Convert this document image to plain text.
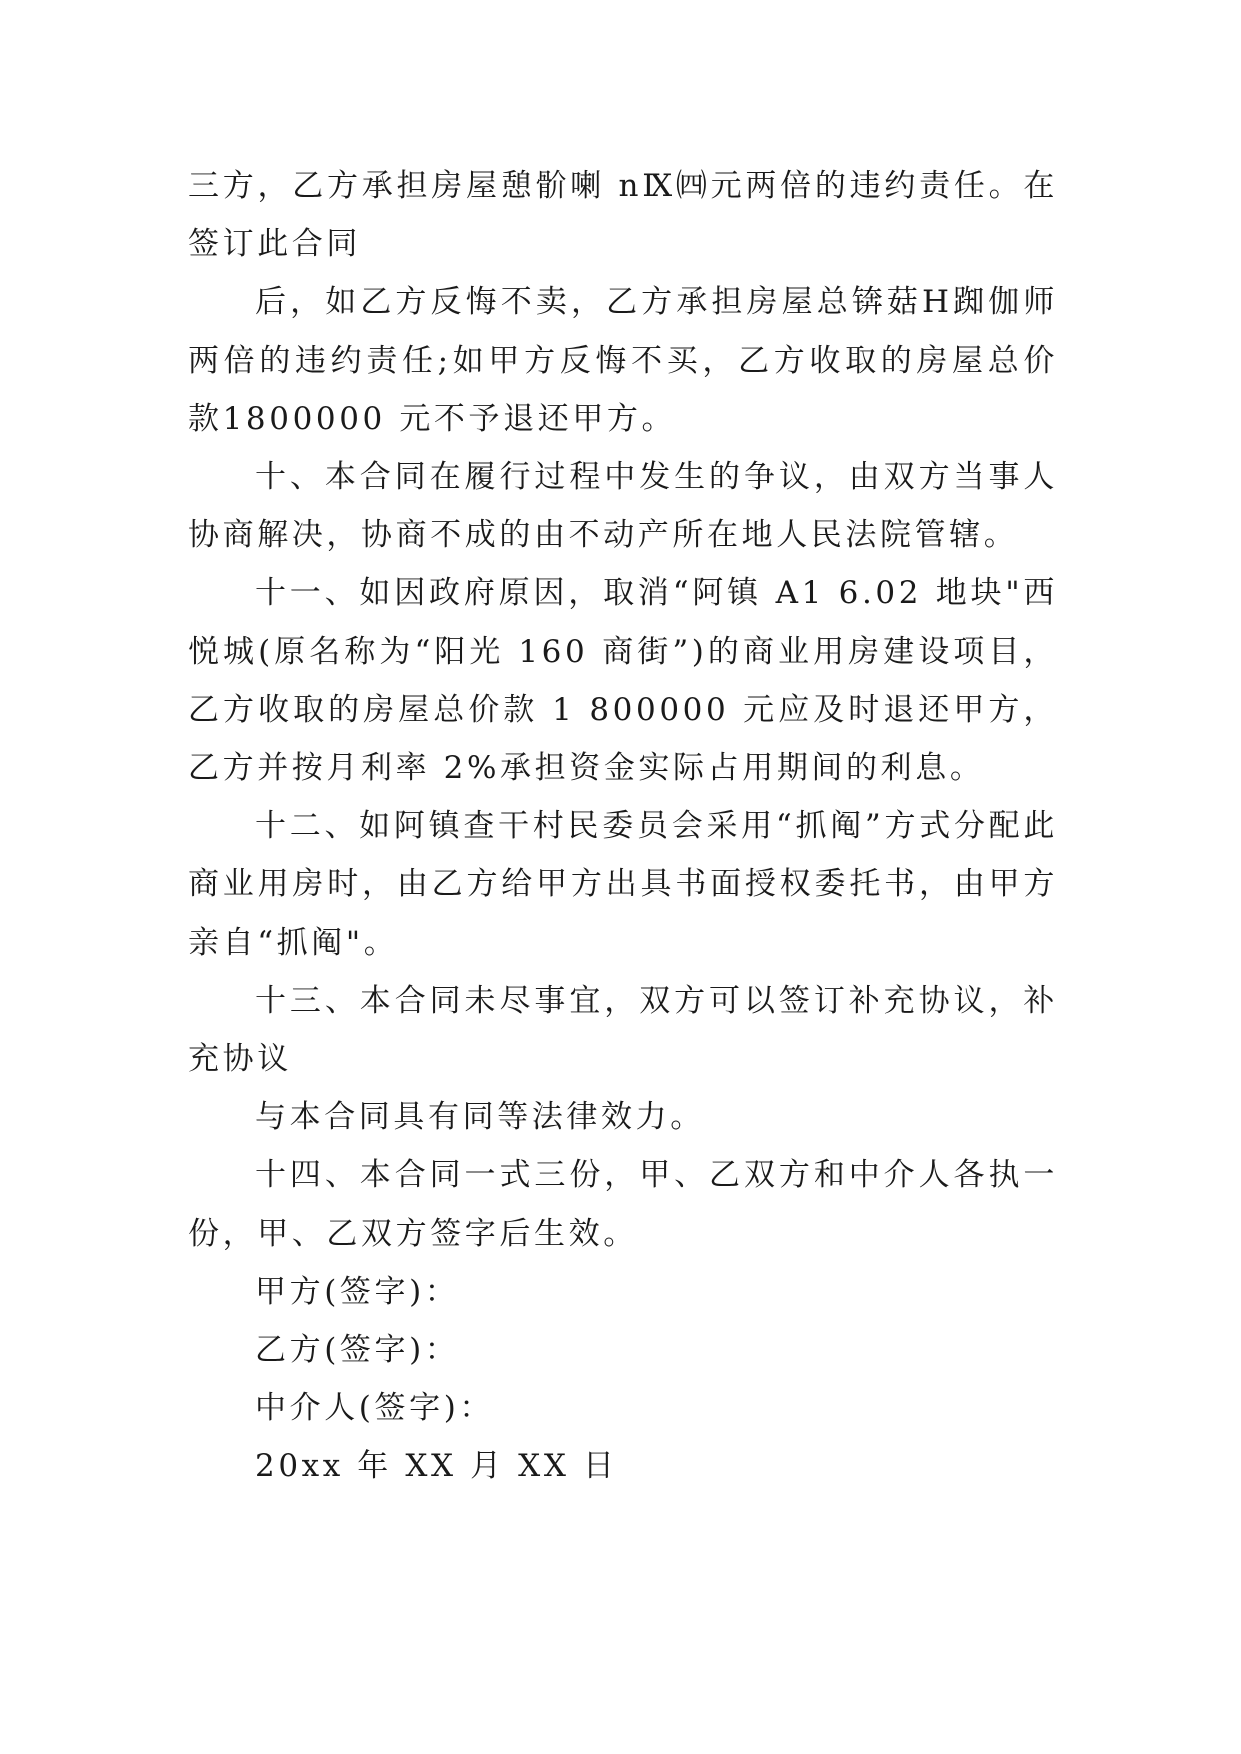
三方，乙方承担房屋憩骱喇 nⅨ㈣元两倍的违约责任。在签订此合同

后，如乙方反悔不卖，乙方承担房屋总锛菇H踟伽师两倍的违约责任;如甲方反悔不买，乙方收取的房屋总价款1800000 元不予退还甲方。

十、本合同在履行过程中发生的争议，由双方当事人协商解决，协商不成的由不动产所在地人民法院管辖。

十一、如因政府原因，取消“阿镇 A1 6.02 地块"西悦城(原名称为“阳光 160 商街”)的商业用房建设项目，乙方收取的房屋总价款 1 800000 元应及时退还甲方，乙方并按月利率 2%承担资金实际占用期间的利息。

十二、如阿镇查干村民委员会采用“抓阄”方式分配此商业用房时，由乙方给甲方出具书面授权委托书，由甲方亲自“抓阄"。

十三、本合同未尽事宜，双方可以签订补充协议，补充协议

与本合同具有同等法律效力。

十四、本合同一式三份，甲、乙双方和中介人各执一份，甲、乙双方签字后生效。

甲方(签字)：

乙方(签字)：

中介人(签字)：

20xx 年 XX 月 XX 日
